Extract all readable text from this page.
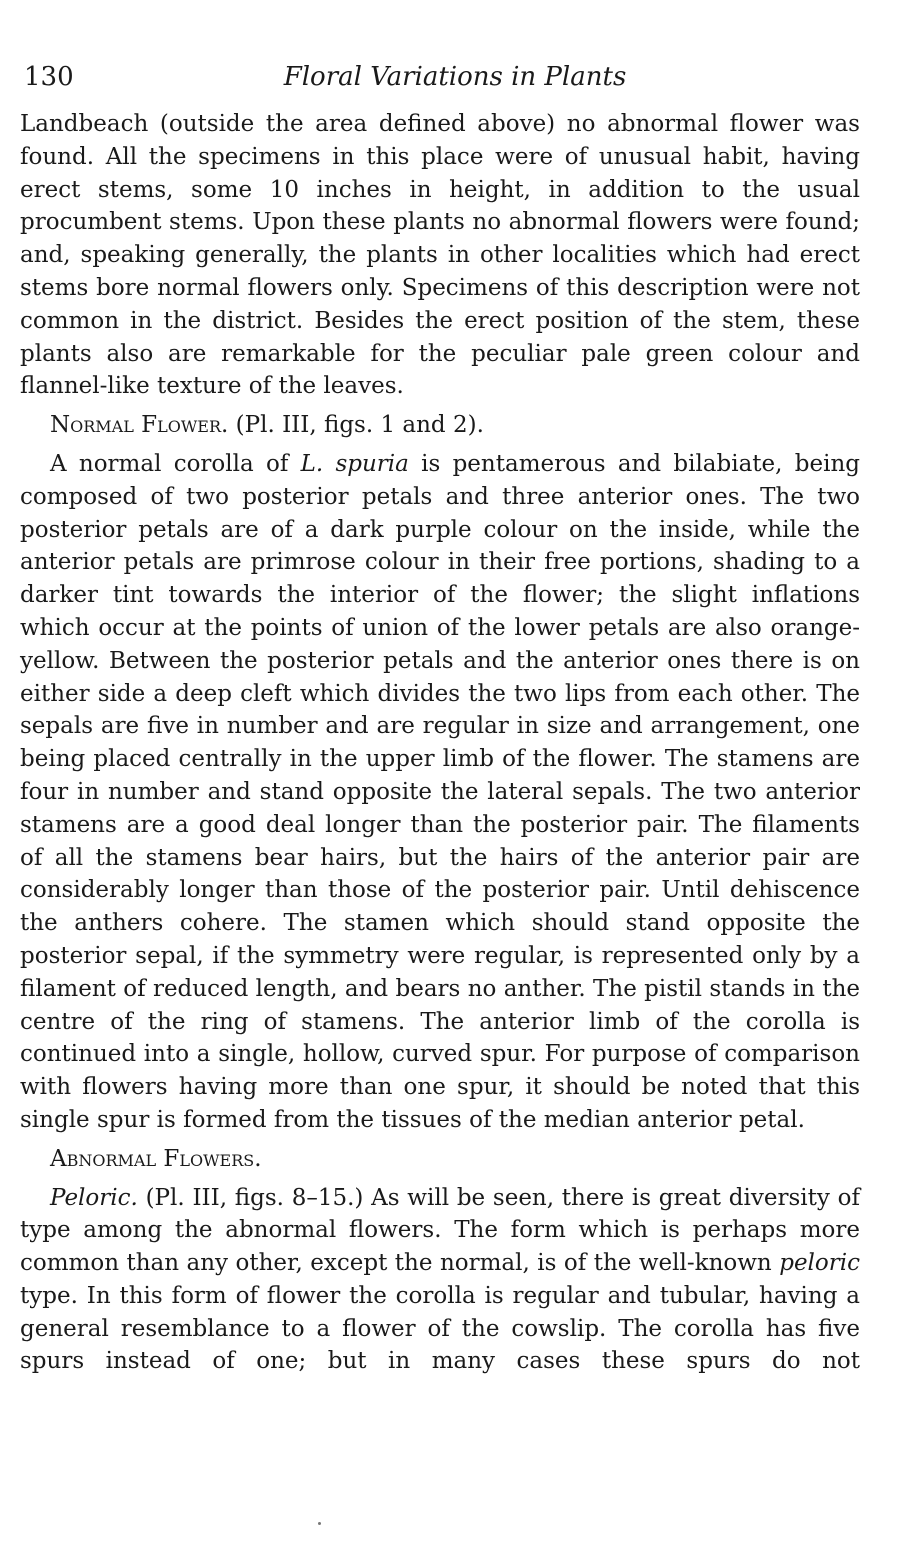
130	Floral Variations in Plants

Landbeach (outside the area defined above) no abnormal flower was found. All the specimens in this place were of unusual habit, having erect stems, some 10 inches in height, in addition to the usual procumbent stems. Upon these plants no abnormal flowers were found; and, speaking generally, the plants in other localities which had erect stems bore normal flowers only. Specimens of this description were not common in the district. Besides the erect position of the stem, these plants also are remarkable for the peculiar pale green colour and flannel-like texture of the leaves.

Normal Flower. (Pl. III, figs. 1 and 2).

A normal corolla of L. spuria is pentamerous and bilabiate, being composed of two posterior petals and three anterior ones. The two posterior petals are of a dark purple colour on the inside, while the anterior petals are primrose colour in their free portions, shading to a darker tint towards the interior of the flower; the slight inflations which occur at the points of union of the lower petals are also orange-yellow. Between the posterior petals and the anterior ones there is on either side a deep cleft which divides the two lips from each other. The sepals are five in number and are regular in size and arrangement, one being placed centrally in the upper limb of the flower. The stamens are four in number and stand opposite the lateral sepals. The two anterior stamens are a good deal longer than the posterior pair. The filaments of all the stamens bear hairs, but the hairs of the anterior pair are considerably longer than those of the posterior pair. Until dehiscence the anthers cohere. The stamen which should stand opposite the posterior sepal, if the symmetry were regular, is represented only by a filament of reduced length, and bears no anther. The pistil stands in the centre of the ring of stamens. The anterior limb of the corolla is continued into a single, hollow, curved spur. For purpose of comparison with flowers having more than one spur, it should be noted that this single spur is formed from the tissues of the median anterior petal.

Abnormal Flowers.

Peloric. (Pl. III, figs. 8–15.) As will be seen, there is great diversity of type among the abnormal flowers. The form which is perhaps more common than any other, except the normal, is of the well-known peloric type. In this form of flower the corolla is regular and tubular, having a general resemblance to a flower of the cowslip. The corolla has five spurs instead of one; but in many cases these spurs do not
